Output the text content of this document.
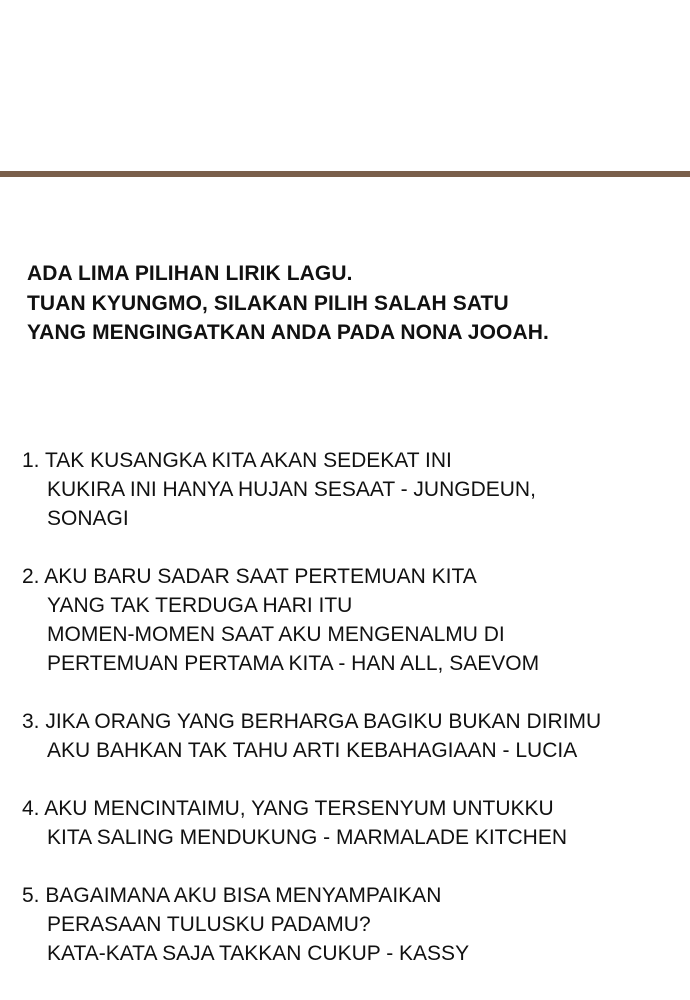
ADA LIMA PILIHAN LIRIK LAGU.
TUAN KYUNGMO, SILAKAN PILIH SALAH SATU
YANG MENGINGATKAN ANDA PADA NONA JOOAH.
1. TAK KUSANGKA KITA AKAN SEDEKAT INI
KUKIRA INI HANYA HUJAN SESAAT - JUNGDEUN,
SONAGI
2. AKU BARU SADAR SAAT PERTEMUAN KITA
YANG TAK TERDUGA HARI ITU
MOMEN-MOMEN SAAT AKU MENGENALMU DI
PERTEMUAN PERTAMA KITA - HAN ALL, SAEVOM
3. JIKA ORANG YANG BERHARGA BAGIKU BUKAN DIRIMU
AKU BAHKAN TAK TAHU ARTI KEBAHAGIAAN - LUCIA
4. AKU MENCINTAIMU, YANG TERSENYUM UNTUKKU
KITA SALING MENDUKUNG - MARMALADE KITCHEN
5. BAGAIMANA AKU BISA MENYAMPAIKAN
PERASAAN TULUSKU PADAMU?
KATA-KATA SAJA TAKKAN CUKUP - KASSY
